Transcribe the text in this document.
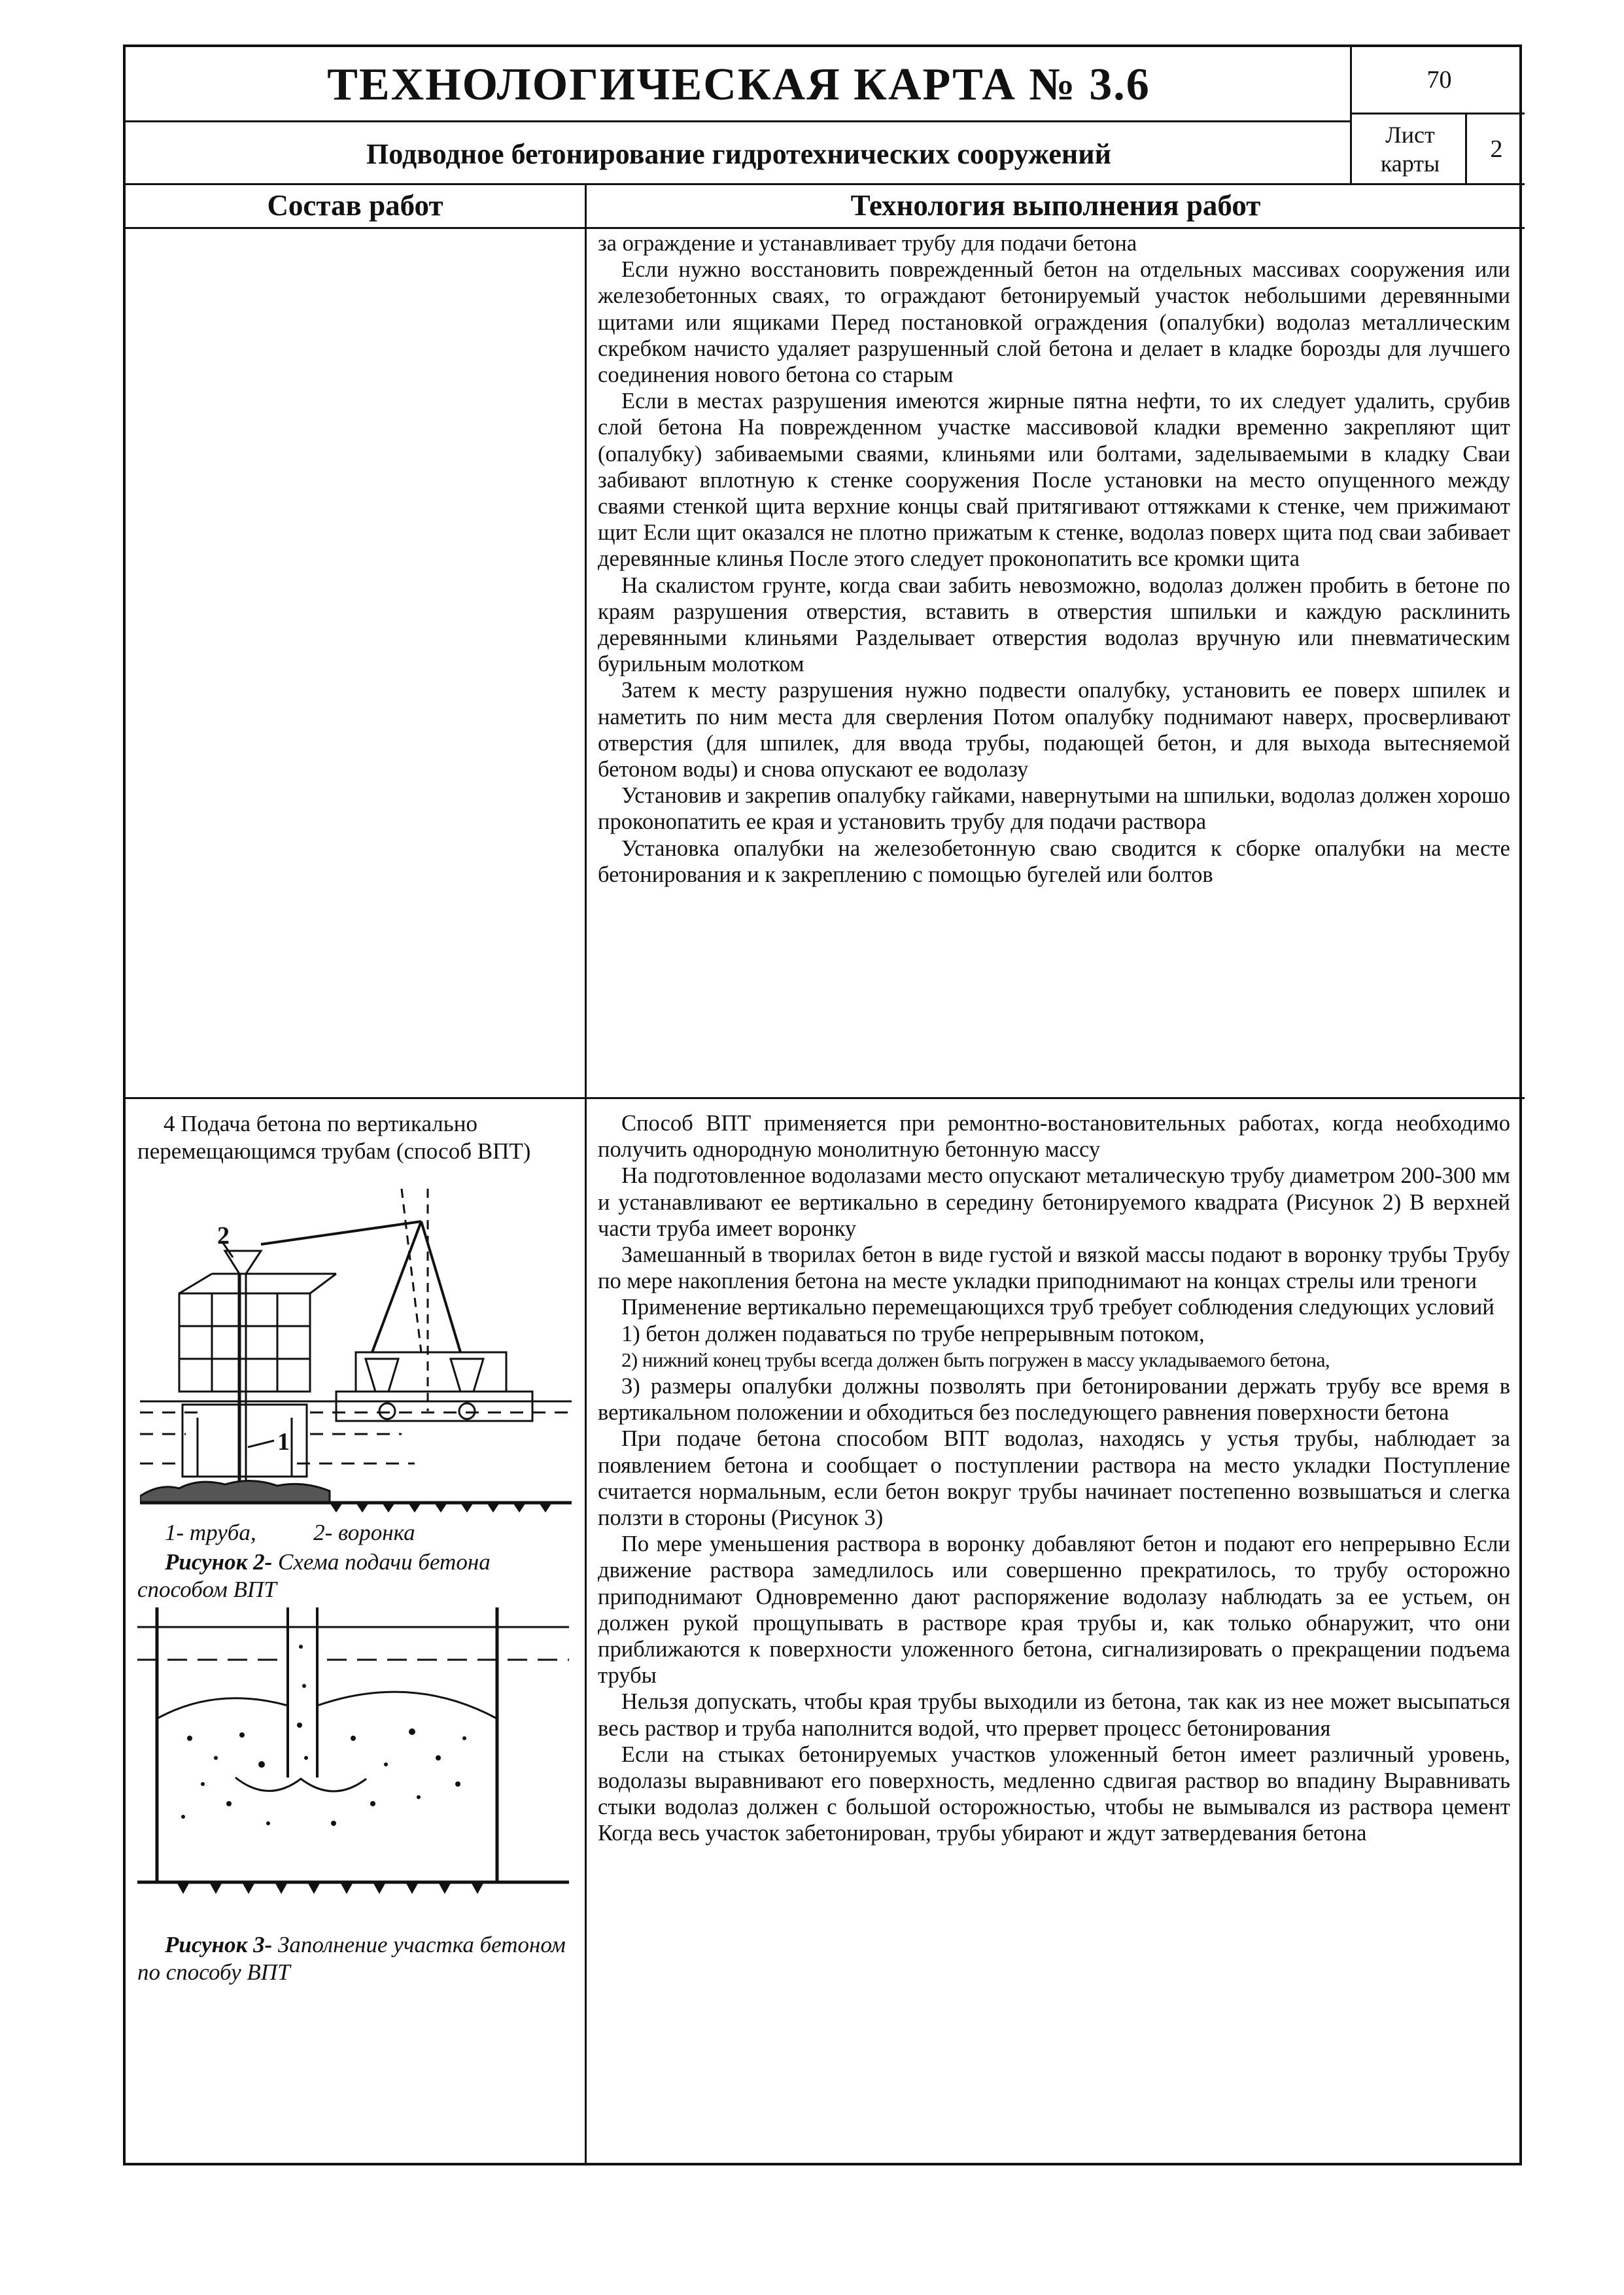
ТЕХНОЛОГИЧЕСКАЯ КАРТА № 3.6
Подводное бетонирование гидротехнических сооружений
70
Лист
карты
2
Состав работ	Технология выполнения работ

за ограждение и устанавливает трубу для подачи бетона

Если нужно восстановить поврежденный бетон на отдельных массивах сооружения или железобетонных сваях, то ограждают бетонируемый участок небольшими деревянными щитами или ящиками Перед постановкой ограждения (опалубки) водолаз металлическим скребком начисто удаляет разрушенный слой бетона и делает в кладке борозды для лучшего соединения нового бетона со старым

Если в местах разрушения имеются жирные пятна нефти, то их следует удалить, срубив слой бетона На поврежденном участке массивовой кладки временно закрепляют щит (опалубку) забиваемыми сваями, клиньями или болтами, заделываемыми в кладку Сваи забивают вплотную к стенке сооружения После установки на место опущенного между сваями стенкой щита верхние концы свай притягивают оттяжками к стенке, чем прижимают щит Если щит оказался не плотно прижатым к стенке, водолаз поверх щита под сваи забивает деревянные клинья После этого следует проконопатить все кромки щита

На скалистом грунте, когда сваи забить невозможно, водолаз должен пробить в бетоне по краям разрушения отверстия, вставить в отверстия шпильки и каждую расклинить деревянными клиньями Разделывает отверстия водолаз вручную или пневматическим бурильным молотком

Затем к месту разрушения нужно подвести опалубку, установить ее поверх шпилек и наметить по ним места для сверления Потом опалубку поднимают наверх, просверливают отверстия (для шпилек, для ввода трубы, подающей бетон, и для выхода вытесняемой бетоном воды) и снова опускают ее водолазу

Установив и закрепив опалубку гайками, навернутыми на шпильки, водолаз должен хорошо проконопатить ее края и установить трубу для подачи раствора

Установка опалубки на железобетонную сваю сводится к сборке опалубки на месте бетонирования и к закреплению с помощью бугелей или болтов

4 Подача бетона по вертикально перемещающимся трубам (способ ВПТ)
2
1
1- труба,          2- воронка
Рисунок 2- Схема подачи бетона способом ВПТ
Рисунок 3- Заполнение участка бетоном по способу ВПТ

Способ ВПТ применяется при ремонтно-востановительных работах, когда необходимо получить однородную монолитную бетонную массу

На подготовленное водолазами место опускают металическую трубу диаметром 200-300 мм и устанавливают ее вертикально в середину бетонируемого квадрата (Рисунок 2) В верхней части труба имеет воронку

Замешанный в творилах бетон в виде густой и вязкой массы подают в воронку трубы Трубу по мере накопления бетона на месте укладки приподнимают на концах стрелы или треноги

Применение вертикально перемещающихся труб требует соблюдения следующих условий

1) бетон должен подаваться по трубе непрерывным потоком,

2) нижний конец трубы всегда должен быть погружен в массу укладываемого бетона,

3) размеры опалубки должны позволять при бетонировании держать трубу все время в вертикальном положении и обходиться без последующего равнения поверхности бетона

При подаче бетона способом ВПТ водолаз, находясь у устья трубы, наблюдает за появлением бетона и сообщает о поступлении раствора на место укладки Поступление считается нормальным, если бетон вокруг трубы начинает постепенно возвышаться и слегка ползти в стороны (Рисунок 3)

По мере уменьшения раствора в воронку добавляют бетон и подают его непрерывно Если движение раствора замедлилось или совершенно прекратилось, то трубу осторожно приподнимают Одновременно дают распоряжение водолазу наблюдать за ее устьем, он должен рукой прощупывать в растворе края трубы и, как только обнаружит, что они приближаются к поверхности уложенного бетона, сигнализировать о прекращении подъема трубы

Нельзя допускать, чтобы края трубы выходили из бетона, так как из нее может высыпаться весь раствор и труба наполнится водой, что прервет процесс бетонирования

Если на стыках бетонируемых участков уложенный бетон имеет различный уровень, водолазы выравнивают его поверхность, медленно сдвигая раствор во впадину Выравнивать стыки водолаз должен с большой осторожностью, чтобы не вымывался из раствора цемент Когда весь участок забетонирован, трубы убирают и ждут затвердевания бетона
